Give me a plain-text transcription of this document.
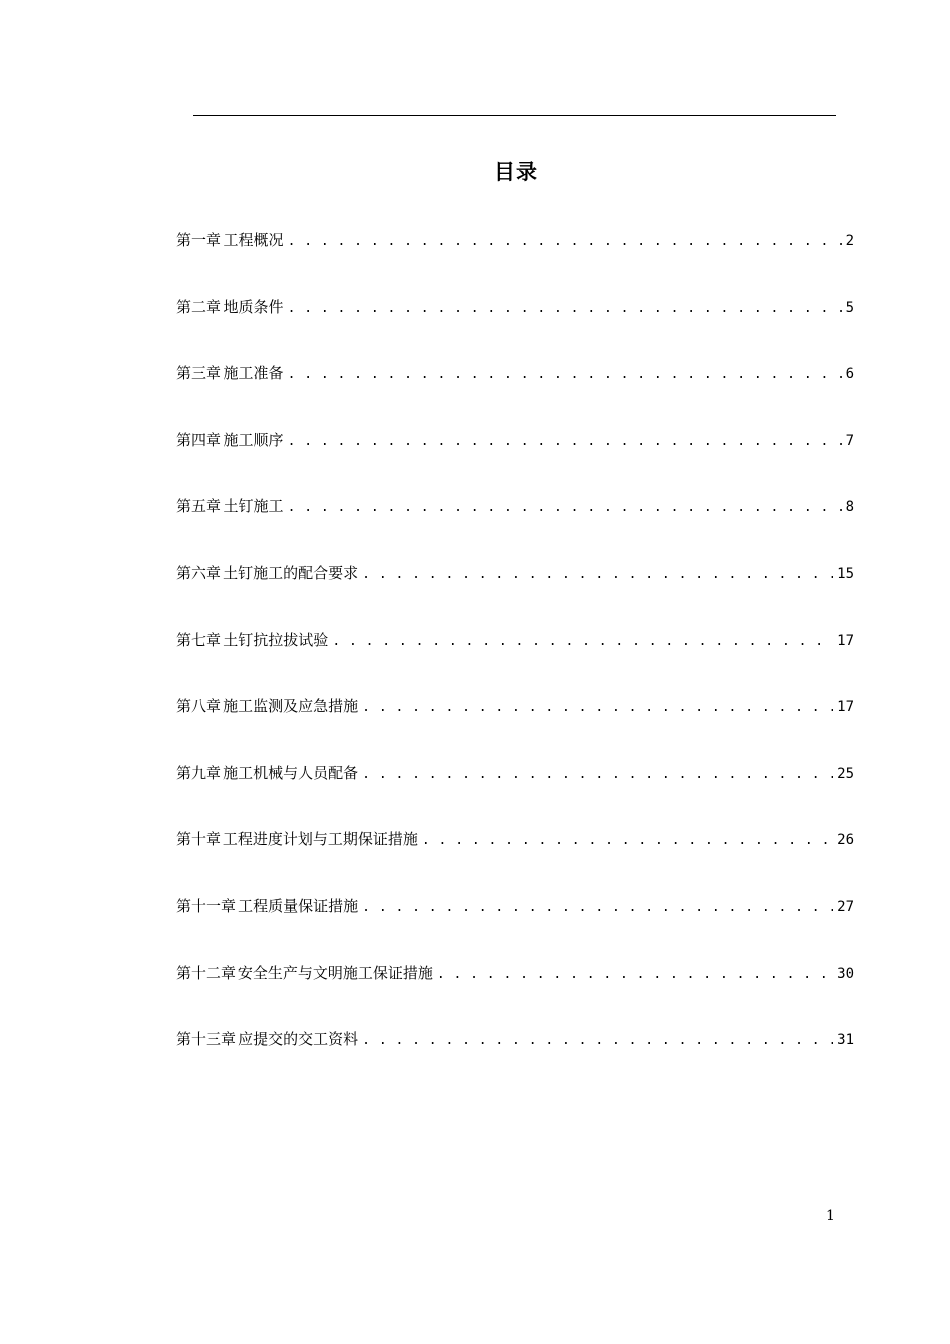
目录
第一章 工程概况 . . .	2
第二章 地质条件 . . .	5
第三章 施工准备 . . .	6
第四章 施工顺序 . . .	7
第五章 土钉施工 . . .	8
第六章 土钉施工的配合要求 . . .	15
第七章 土钉抗拉拔试验 . . .	17
第八章 施工监测及应急措施 . . .	17
第九章 施工机械与人员配备 . . .	25
第十章 工程进度计划与工期保证措施 . . .	26
第十一章 工程质量保证措施 . . .	27
第十二章 安全生产与文明施工保证措施 . . .	30
第十三章 应提交的交工资料 . . .	31
1
